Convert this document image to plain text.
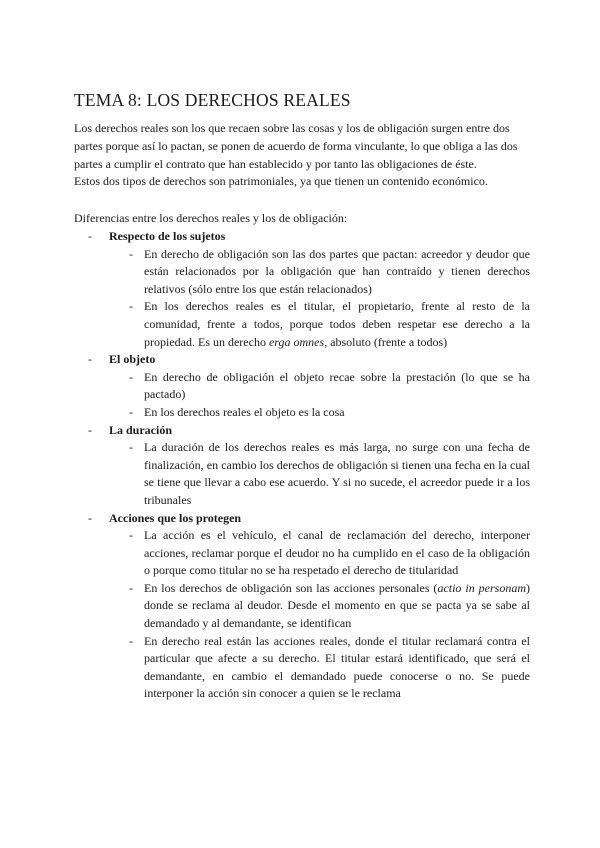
TEMA 8: LOS DERECHOS REALES

Los derechos reales son los que recaen sobre las cosas y los de obligación surgen entre dos partes porque así lo pactan, se ponen de acuerdo de forma vinculante, lo que obliga a las dos partes a cumplir el contrato que han establecido y por tanto las obligaciones de éste.

Estos dos tipos de derechos son patrimoniales, ya que tienen un contenido económico.

Diferencias entre los derechos reales y los de obligación:

- Respecto de los sujetos
- En derecho de obligación son las dos partes que pactan: acreedor y deudor que están relacionados por la obligación que han contraído y tienen derechos relativos (sólo entre los que están relacionados)
- En los derechos reales es el titular, el propietario, frente al resto de la comunidad, frente a todos, porque todos deben respetar ese derecho a la propiedad. Es un derecho erga omnes, absoluto (frente a todos)
- El objeto
- En derecho de obligación el objeto recae sobre la prestación (lo que se ha pactado)
- En los derechos reales el objeto es la cosa
- La duración
- La duración de los derechos reales es más larga, no surge con una fecha de finalización, en cambio los derechos de obligación si tienen una fecha en la cual se tiene que llevar a cabo ese acuerdo. Y si no sucede, el acreedor puede ir a los tribunales
- Acciones que los protegen
- La acción es el vehículo, el canal de reclamación del derecho, interponer acciones, reclamar porque el deudor no ha cumplido en el caso de la obligación o porque como titular no se ha respetado el derecho de titularidad
- En los derechos de obligación son las acciones personales (actio in personam) donde se reclama al deudor. Desde el momento en que se pacta ya se sabe al demandado y al demandante, se identifican
- En derecho real están las acciones reales, donde el titular reclamará contra el particular que afecte a su derecho. El titular estará identificado, que será el demandante, en cambio el demandado puede conocerse o no. Se puede interponer la acción sin conocer a quien se le reclama
